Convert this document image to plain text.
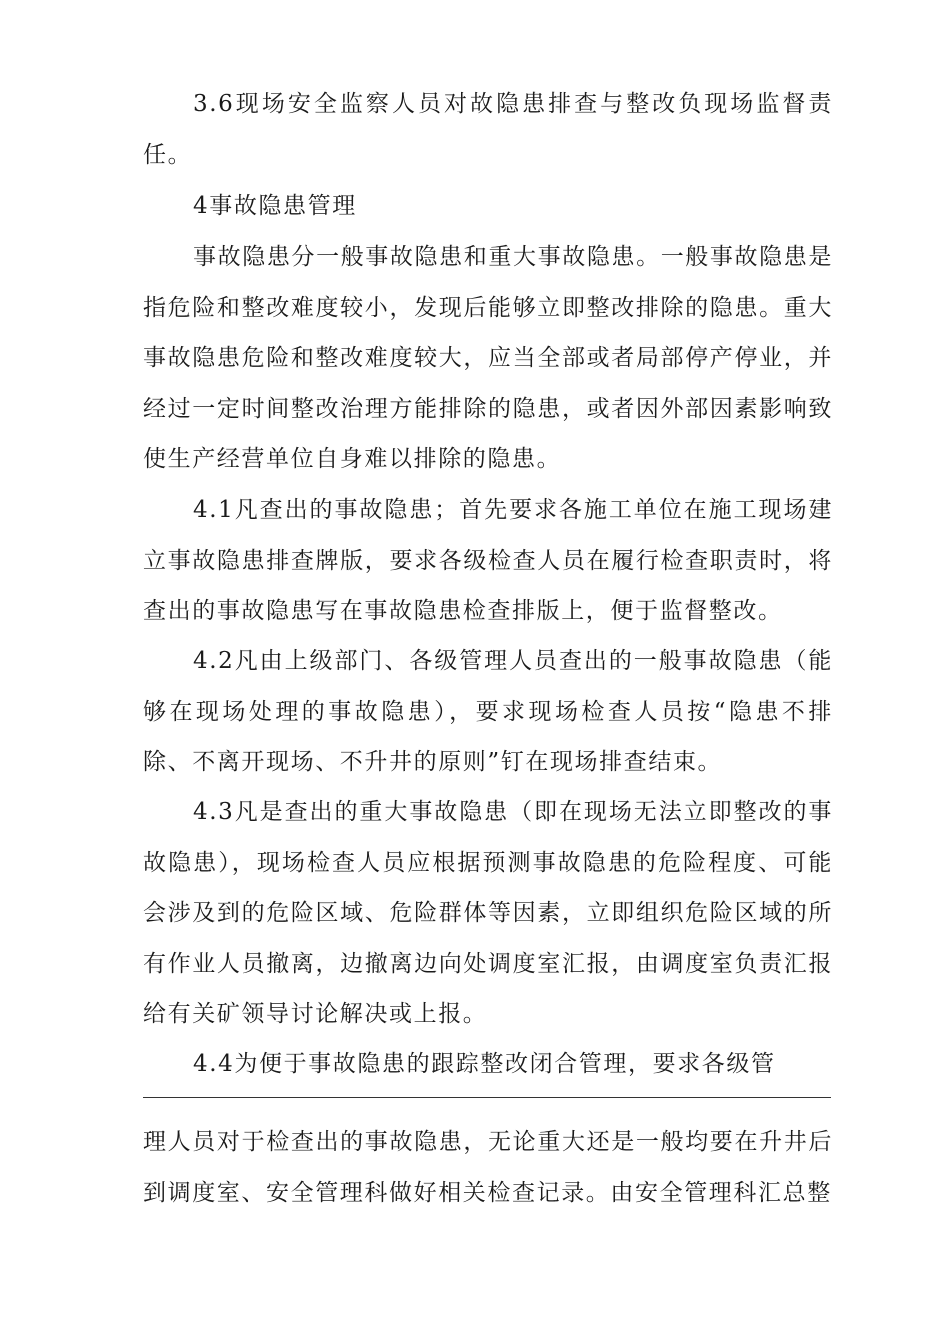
3.6现场安全监察人员对故隐患排查与整改负现场监督责任。

4事故隐患管理

事故隐患分一般事故隐患和重大事故隐患。一般事故隐患是指危险和整改难度较小，发现后能够立即整改排除的隐患。重大事故隐患危险和整改难度较大，应当全部或者局部停产停业，并经过一定时间整改治理方能排除的隐患，或者因外部因素影响致使生产经营单位自身难以排除的隐患。

4.1凡查出的事故隐患；首先要求各施工单位在施工现场建立事故隐患排查牌版，要求各级检查人员在履行检查职责时，将查出的事故隐患写在事故隐患检查排版上，便于监督整改。

4.2凡由上级部门、各级管理人员查出的一般事故隐患（能够在现场处理的事故隐患），要求现场检查人员按“隐患不排除、不离开现场、不升井的原则”钉在现场排查结束。

4.3凡是查出的重大事故隐患（即在现场无法立即整改的事故隐患），现场检查人员应根据预测事故隐患的危险程度、可能会涉及到的危险区域、危险群体等因素，立即组织危险区域的所有作业人员撤离，边撤离边向处调度室汇报，由调度室负责汇报给有关矿领导讨论解决或上报。

4.4为便于事故隐患的跟踪整改闭合管理，要求各级管

理人员对于检查出的事故隐患，无论重大还是一般均要在升井后到调度室、安全管理科做好相关检查记录。由安全管理科汇总整
